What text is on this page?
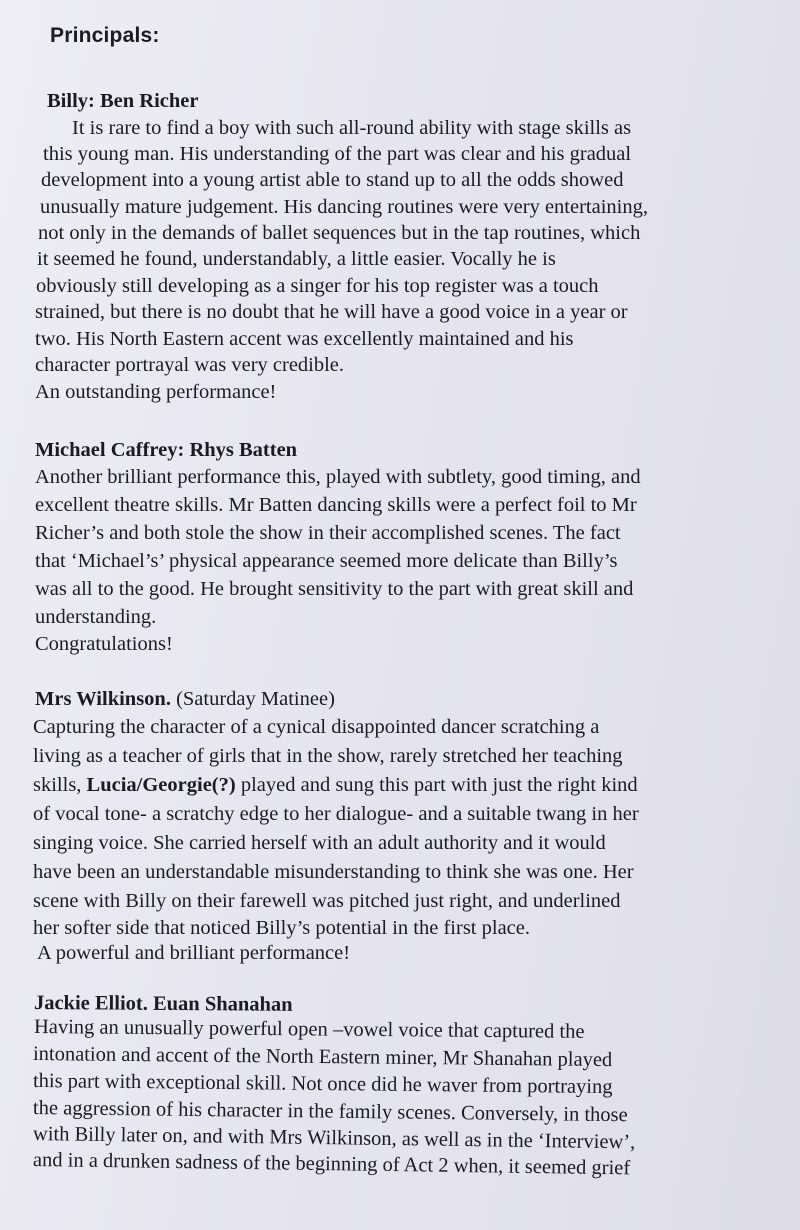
Principals:
Billy: Ben Richer
It is rare to find a boy with such all-round ability with stage skills as
this young man. His understanding of the part was clear and his gradual
development into a young artist able to stand up to all the odds showed
unusually mature judgement. His dancing routines were very entertaining,
not only in the demands of ballet sequences but in the tap routines, which
it seemed he found, understandably, a little easier. Vocally he is
obviously still developing as a singer for his top register was a touch
strained, but there is no doubt that he will have a good voice in a year or
two. His North Eastern accent was excellently maintained and his
character portrayal was very credible.
An outstanding performance!
Michael Caffrey: Rhys Batten
Another brilliant performance this, played with subtlety, good timing, and
excellent theatre skills. Mr Batten dancing skills were a perfect foil to Mr
Richer’s and both stole the show in their accomplished scenes. The fact
that ‘Michael’s’ physical appearance seemed more delicate than Billy’s
was all to the good. He brought sensitivity to the part with great skill and
understanding.
Congratulations!
Mrs Wilkinson. (Saturday Matinee)
Capturing the character of a cynical disappointed dancer scratching a
living as a teacher of girls that in the show, rarely stretched her teaching
skills, Lucia/Georgie(?) played and sung this part with just the right kind
of vocal tone- a scratchy edge to her dialogue- and a suitable twang in her
singing voice. She carried herself with an adult authority and it would
have been an understandable misunderstanding to think she was one. Her
scene with Billy on their farewell was pitched just right, and underlined
her softer side that noticed Billy’s potential in the first place.
A powerful and brilliant performance!
Jackie Elliot. Euan Shanahan
Having an unusually powerful open –vowel voice that captured the
intonation and accent of the North Eastern miner, Mr Shanahan played
this part with exceptional skill. Not once did he waver from portraying
the aggression of his character in the family scenes. Conversely, in those
with Billy later on, and with Mrs Wilkinson, as well as in the ‘Interview’,
and in a drunken sadness of the beginning of Act 2 when, it seemed grief
